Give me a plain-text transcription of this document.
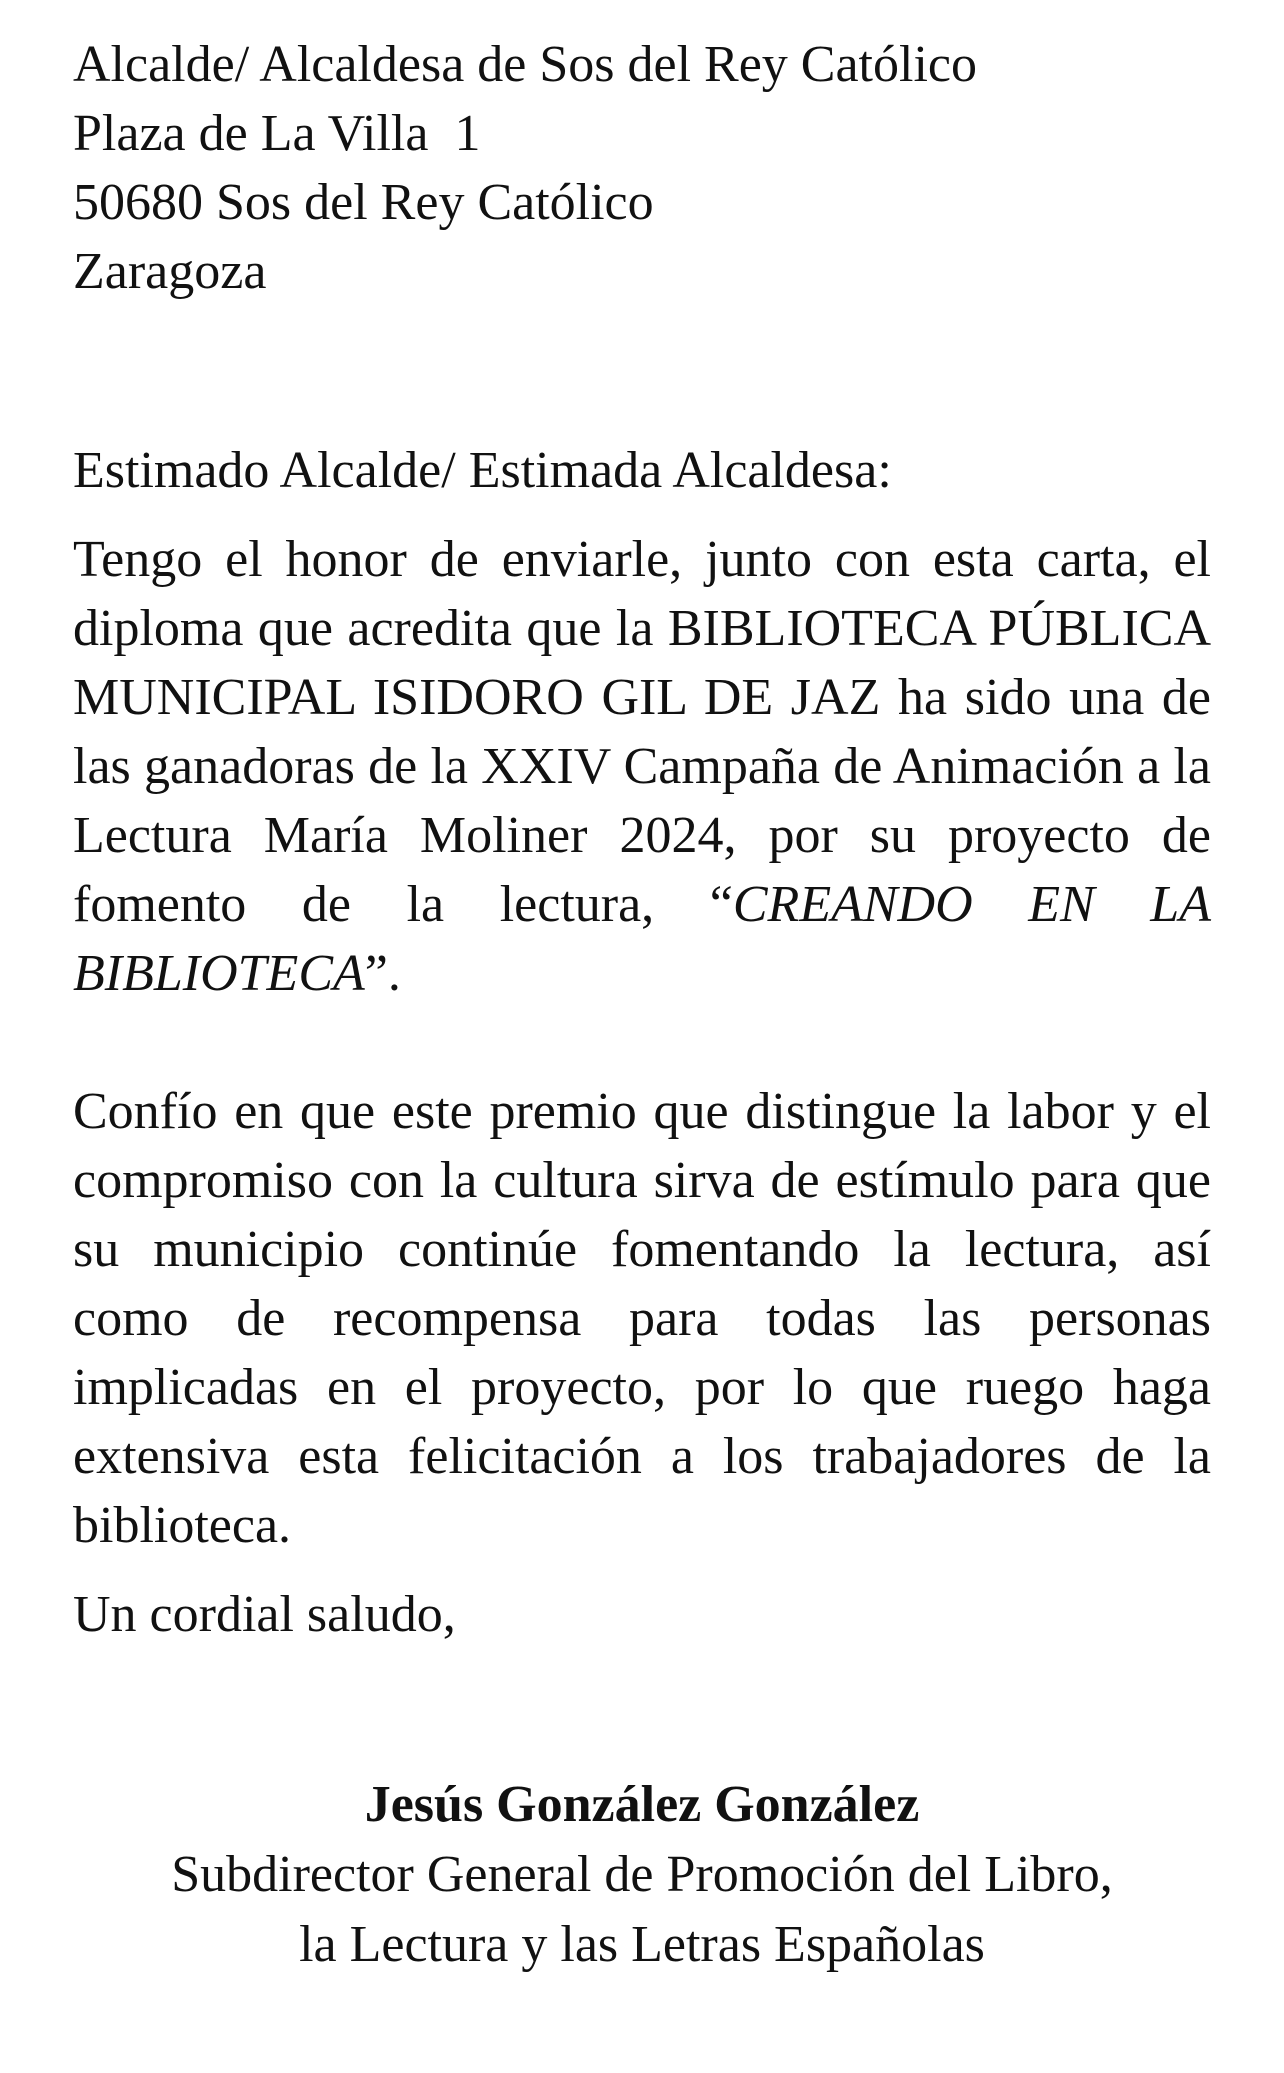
Alcalde/ Alcaldesa de Sos del Rey Católico
Plaza de La Villa  1
50680 Sos del Rey Católico
Zaragoza
Estimado Alcalde/ Estimada Alcaldesa:

Tengo el honor de enviarle, junto con esta carta, el diploma que acredita que la BIBLIOTECA PÚBLICA MUNICIPAL ISIDORO GIL DE JAZ ha sido una de las ganadoras de la XXIV Campaña de Animación a la Lectura María Moliner 2024, por su proyecto de fomento de la lectura, “CREANDO EN LA BIBLIOTECA”.

Confío en que este premio que distingue la labor y el compromiso con la cultura sirva de estímulo para que su municipio continúe fomentando la lectura, así como de recompensa para todas las personas implicadas en el proyecto, por lo que ruego haga extensiva esta felicitación a los trabajadores de la biblioteca.

Un cordial saludo,
Jesús González González
Subdirector General de Promoción del Libro,
la Lectura y las Letras Españolas
